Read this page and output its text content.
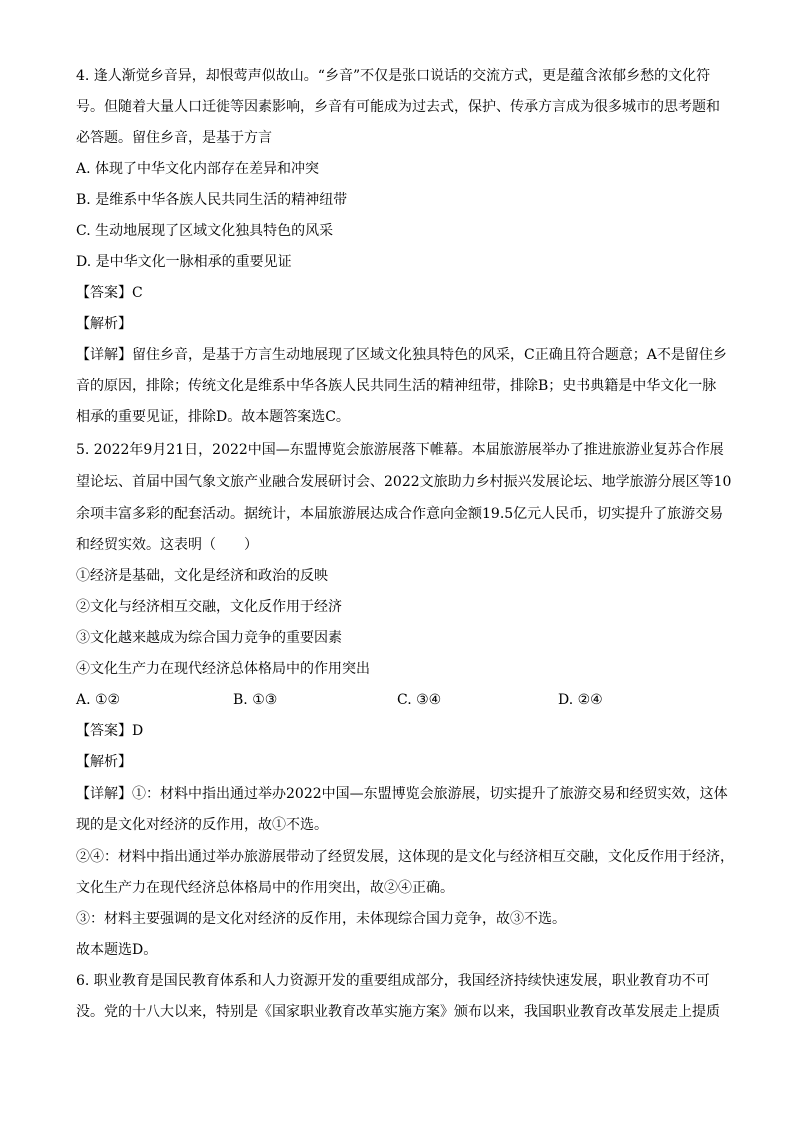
4. 逢人渐觉乡音异，却恨莺声似故山。“乡音”不仅是张口说话的交流方式，更是蕴含浓郁乡愁的文化符
号。但随着大量人口迁徙等因素影响，乡音有可能成为过去式，保护、传承方言成为很多城市的思考题和
必答题。留住乡音，是基于方言
A. 体现了中华文化内部存在差异和冲突
B. 是维系中华各族人民共同生活的精神纽带
C. 生动地展现了区域文化独具特色的风采
D. 是中华文化一脉相承的重要见证
【答案】C
【解析】
【详解】留住乡音，是基于方言生动地展现了区域文化独具特色的风采，C正确且符合题意；A不是留住乡
音的原因，排除；传统文化是维系中华各族人民共同生活的精神纽带，排除B；史书典籍是中华文化一脉
相承的重要见证，排除D。故本题答案选C。
5. 2022年9月21日，2022中国—东盟博览会旅游展落下帷幕。本届旅游展举办了推进旅游业复苏合作展
望论坛、首届中国气象文旅产业融合发展研讨会、2022文旅助力乡村振兴发展论坛、地学旅游分展区等10
余项丰富多彩的配套活动。据统计，本届旅游展达成合作意向金额19.5亿元人民币，切实提升了旅游交易
和经贸实效。这表明（　　）
①经济是基础，文化是经济和政治的反映
②文化与经济相互交融，文化反作用于经济
③文化越来越成为综合国力竞争的重要因素
④文化生产力在现代经济总体格局中的作用突出
A. ①②	B. ①③	C. ③④	D. ②④
【答案】D
【解析】
【详解】①：材料中指出通过举办2022中国—东盟博览会旅游展，切实提升了旅游交易和经贸实效，这体
现的是文化对经济的反作用，故①不选。
②④：材料中指出通过举办旅游展带动了经贸发展，这体现的是文化与经济相互交融，文化反作用于经济，
文化生产力在现代经济总体格局中的作用突出，故②④正确。
③：材料主要强调的是文化对经济的反作用，未体现综合国力竞争，故③不选。
故本题选D。
6. 职业教育是国民教育体系和人力资源开发的重要组成部分，我国经济持续快速发展，职业教育功不可
没。党的十八大以来，特别是《国家职业教育改革实施方案》颁布以来，我国职业教育改革发展走上提质
